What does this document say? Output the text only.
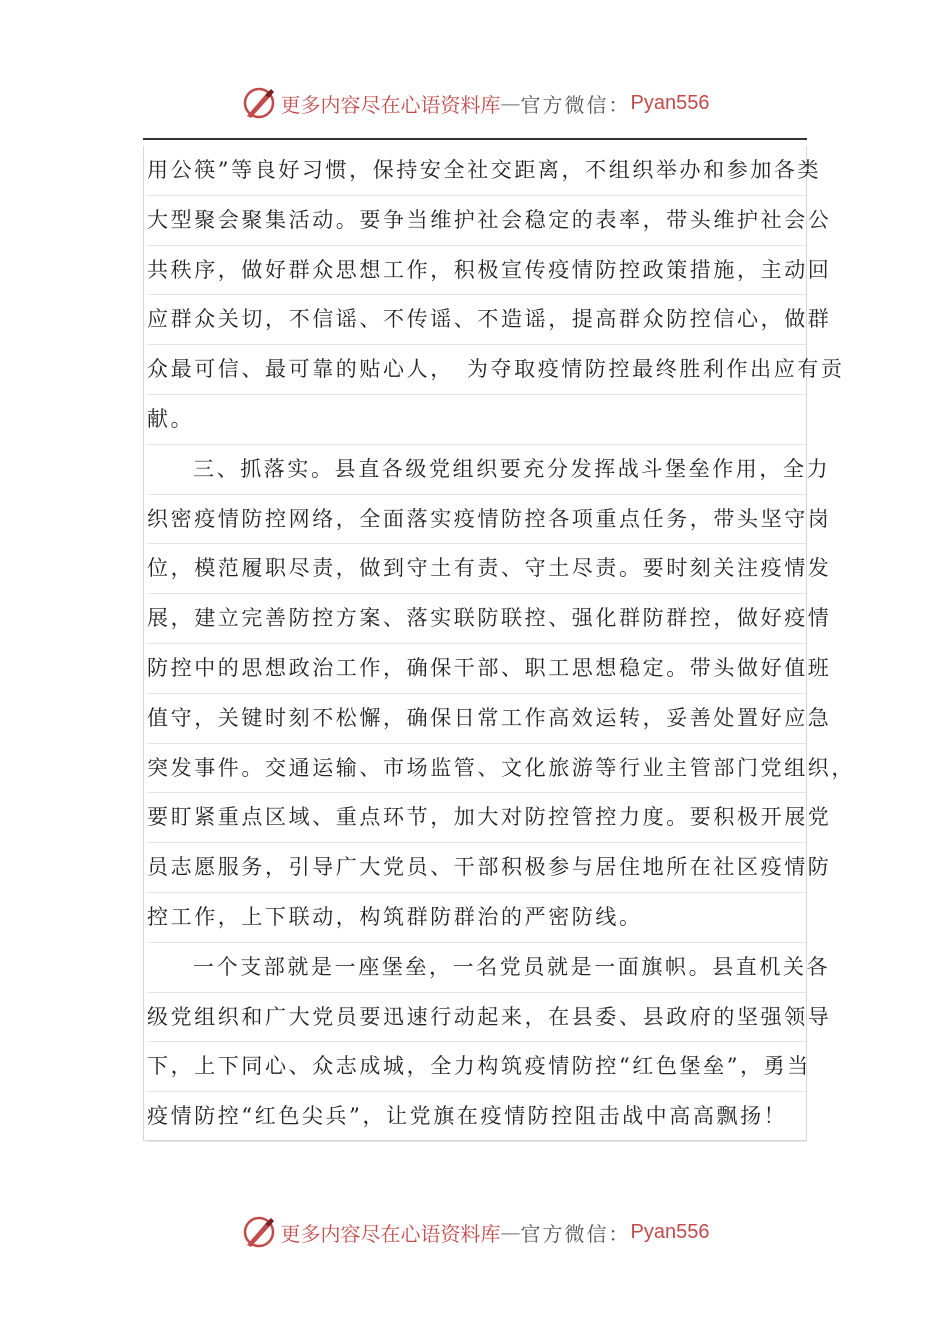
更多内容尽在心语资料库 — 官方微信： Pyan556
用公筷”等良好习惯，保持安全社交距离，不组织举办和参加各类
大型聚会聚集活动。要争当维护社会稳定的表率，带头维护社会公
共秩序，做好群众思想工作，积极宣传疫情防控政策措施，主动回
应群众关切，不信谣、不传谣、不造谣，提高群众防控信心，做群
众最可信、最可靠的贴心人，　为夺取疫情防控最终胜利作出应有贡
献。
三、抓落实。县直各级党组织要充分发挥战斗堡垒作用，全力
织密疫情防控网络，全面落实疫情防控各项重点任务，带头坚守岗
位，模范履职尽责，做到守土有责、守土尽责。要时刻关注疫情发
展，建立完善防控方案、落实联防联控、强化群防群控，做好疫情
防控中的思想政治工作，确保干部、职工思想稳定。带头做好值班
值守，关键时刻不松懈，确保日常工作高效运转，妥善处置好应急
突发事件。交通运输、市场监管、文化旅游等行业主管部门党组织，
要盯紧重点区域、重点环节，加大对防控管控力度。要积极开展党
员志愿服务，引导广大党员、干部积极参与居住地所在社区疫情防
控工作，上下联动，构筑群防群治的严密防线。
一个支部就是一座堡垒，一名党员就是一面旗帜。县直机关各
级党组织和广大党员要迅速行动起来，在县委、县政府的坚强领导
下，上下同心、众志成城，全力构筑疫情防控“红色堡垒”，勇当
疫情防控“红色尖兵”，让党旗在疫情防控阻击战中高高飘扬！
更多内容尽在心语资料库 — 官方微信： Pyan556
